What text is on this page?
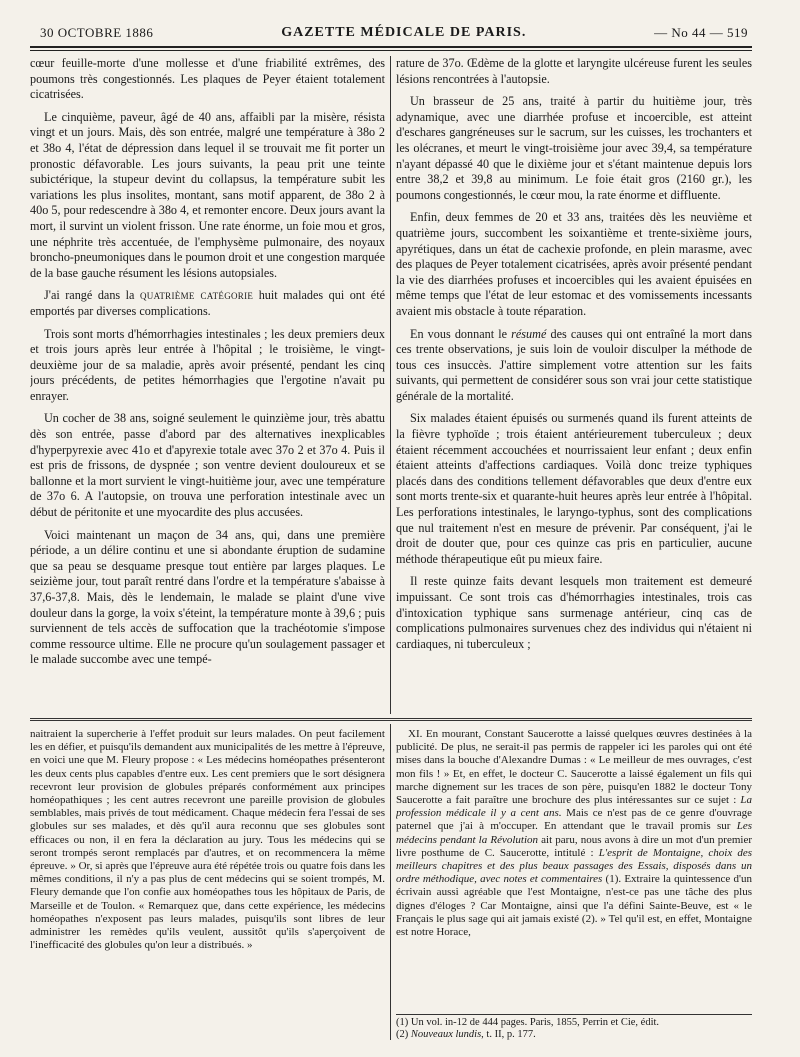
30 OCTOBRE 1886	GAZETTE MÉDICALE DE PARIS.	— No 44 — 519

cœur feuille-morte d'une mollesse et d'une friabilité extrêmes, des poumons très congestionnés. Les plaques de Peyer étaient totalement cicatrisées.

Le cinquième, paveur, âgé de 40 ans, affaibli par la misère, résista vingt et un jours. Mais, dès son entrée, malgré une température à 38o 2 et 38o 4, l'état de dépression dans lequel il se trouvait me fit porter un pronostic défavorable. Les jours suivants, la peau prit une teinte subictérique, la stupeur devint du collapsus, la température subit les variations les plus insolites, montant, sans motif apparent, de 38o 2 à 40o 5, pour redescendre à 38o 4, et remonter encore. Deux jours avant la mort, il survint un violent frisson. Une rate énorme, un foie mou et gros, une néphrite très accentuée, de l'emphysème pulmonaire, des noyaux broncho-pneumoniques dans le poumon droit et une congestion marquée de la base gauche résument les lésions autopsiales.

J'ai rangé dans la quatrième catégorie huit malades qui ont été emportés par diverses complications.

Trois sont morts d'hémorrhagies intestinales ; les deux premiers deux et trois jours après leur entrée à l'hôpital ; le troisième, le vingt-deuxième jour de sa maladie, après avoir présenté, pendant les cinq jours précédents, de petites hémorrhagies que l'ergotine n'avait pu enrayer.

Un cocher de 38 ans, soigné seulement le quinzième jour, très abattu dès son entrée, passe d'abord par des alternatives inexplicables d'hyperpyrexie avec 41o et d'apyrexie totale avec 37o 2 et 37o 4. Puis il est pris de frissons, de dyspnée ; son ventre devient douloureux et se ballonne et la mort survient le vingt-huitième jour, avec une température de 37o 6. A l'autopsie, on trouva une perforation intestinale avec un début de péritonite et une myocardite des plus accusées.

Voici maintenant un maçon de 34 ans, qui, dans une première période, a un délire continu et une si abondante éruption de sudamine que sa peau se desquame presque tout entière par larges plaques. Le seizième jour, tout paraît rentré dans l'ordre et la température s'abaisse à 37,6-37,8. Mais, dès le lendemain, le malade se plaint d'une vive douleur dans la gorge, la voix s'éteint, la température monte à 39,6 ; puis surviennent de tels accès de suffocation que la trachéotomie s'impose comme ressource ultime. Elle ne procure qu'un soulagement passager et le malade succombe avec une tempé-

rature de 37o. Œdème de la glotte et laryngite ulcéreuse furent les seules lésions rencontrées à l'autopsie.

Un brasseur de 25 ans, traité à partir du huitième jour, très adynamique, avec une diarrhée profuse et incoercible, est atteint d'eschares gangréneuses sur le sacrum, sur les cuisses, les trochanters et les olécranes, et meurt le vingt-troisième jour avec 39,4, sa température n'ayant dépassé 40 que le dixième jour et s'étant maintenue depuis lors entre 38,2 et 39,8 au minimum. Le foie était gros (2160 gr.), les poumons congestionnés, le cœur mou, la rate énorme et diffluente.

Enfin, deux femmes de 20 et 33 ans, traitées dès les neuvième et quatrième jours, succombent les soixantième et trente-sixième jours, apyrétiques, dans un état de cachexie profonde, en plein marasme, avec des plaques de Peyer totalement cicatrisées, après avoir présenté pendant la vie des diarrhées profuses et incoercibles qui les avaient épuisées en même temps que l'état de leur estomac et des vomissements incessants avaient mis obstacle à toute réparation.

En vous donnant le résumé des causes qui ont entraîné la mort dans ces trente observations, je suis loin de vouloir disculper la méthode de tous ces insuccès. J'attire simplement votre attention sur les faits suivants, qui permettent de considérer sous son vrai jour cette statistique générale de la mortalité.

Six malades étaient épuisés ou surmenés quand ils furent atteints de la fièvre typhoïde ; trois étaient antérieurement tuberculeux ; deux étaient récemment accouchées et nourrissaient leur enfant ; deux enfin étaient atteints d'affections cardiaques. Voilà donc treize typhiques placés dans des conditions tellement défavorables que deux d'entre eux sont morts trente-six et quarante-huit heures après leur entrée à l'hôpital. Les perforations intestinales, le laryngo-typhus, sont des complications que nul traitement n'est en mesure de prévenir. Par conséquent, j'ai le droit de douter que, pour ces quinze cas pris en particulier, aucune méthode thérapeutique eût pu mieux faire.

Il reste quinze faits devant lesquels mon traitement est demeuré impuissant. Ce sont trois cas d'hémorrhagies intestinales, trois cas d'intoxication typhique sans surmenage antérieur, cinq cas de complications pulmonaires survenues chez des individus qui n'étaient ni cardiaques, ni tuberculeux ;

naitraient la supercherie à l'effet produit sur leurs malades. On peut facilement les en défier, et puisqu'ils demandent aux municipalités de les mettre à l'épreuve, en voici une que M. Fleury propose : « Les médecins homéopathes présenteront les deux cents plus capables d'entre eux. Les cent premiers que le sort désignera recevront leur provision de globules préparés conformément aux principes homéopathiques ; les cent autres recevront une pareille provision de globules semblables, mais privés de tout médicament. Chaque médecin fera l'essai de ses globules sur ses malades, et dès qu'il aura reconnu que ses globules sont efficaces ou non, il en fera la déclaration au jury. Tous les médecins qui se seront trompés seront remplacés par d'autres, et on recommencera la même épreuve. » Or, si après que l'épreuve aura été répétée trois ou quatre fois dans les mêmes conditions, il n'y a pas plus de cent médecins qui se soient trompés, M. Fleury demande que l'on confie aux homéopathes tous les hôpitaux de Paris, de Marseille et de Toulon. « Remarquez que, dans cette expérience, les médecins homéopathes n'exposent pas leurs malades, puisqu'ils sont libres de leur administrer les remèdes qu'ils veulent, aussitôt qu'ils s'aperçoivent de l'inefficacité des globules qu'on leur a distribués. »

XI. En mourant, Constant Saucerotte a laissé quelques œuvres destinées à la publicité. De plus, ne serait-il pas permis de rappeler ici les paroles qui ont été mises dans la bouche d'Alexandre Dumas : « Le meilleur de mes ouvrages, c'est mon fils ! » Et, en effet, le docteur C. Saucerotte a laissé également un fils qui marche dignement sur les traces de son père, puisqu'en 1882 le docteur Tony Saucerotte a fait paraître une brochure des plus intéressantes sur ce sujet : La profession médicale il y a cent ans. Mais ce n'est pas de ce genre d'ouvrage paternel que j'ai à m'occuper. En attendant que le travail promis sur Les médecins pendant la Révolution ait paru, nous avons à dire un mot d'un premier livre posthume de C. Saucerotte, intitulé : L'esprit de Montaigne, choix des meilleurs chapitres et des plus beaux passages des Essais, disposés dans un ordre méthodique, avec notes et commentaires (1). Extraire la quintessence d'un écrivain aussi agréable que l'est Montaigne, n'est-ce pas une tâche des plus dignes d'éloges ? Car Montaigne, ainsi que l'a défini Sainte-Beuve, est « le Français le plus sage qui ait jamais existé (2). » Tel qu'il est, en effet, Montaigne est notre Horace,

(1) Un vol. in-12 de 444 pages. Paris, 1855, Perrin et Cie, édit.
(2) Nouveaux lundis, t. II, p. 177.
